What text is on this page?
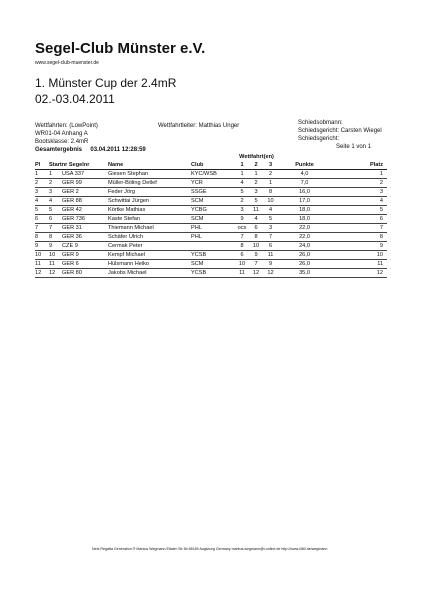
Segel-Club Münster e.V.
www.segel-club-muenster.de
1. Münster Cup der 2.4mR
02.-03.04.2011
Wettfahrten: (LowPoint)
WR01-04 Anhang A
Bootsklasse: 2.4mR
Gesamtergebnis 03.04.2011 12:28:59
Wettfahrtleiter: Matthias Unger	Schiedsobmann:
Schiedsgericht: Carsten Wiegel
Schiedsgericht:
Seite 1 von 1
					Wettfahrt(en)				
Pl	Startnr Segelnr		Name	Club	1	2	3	Punkte	Platz
1	1	USA 337	Giesen Stephan	KYC/WSB	1	1	2	4,0	1
2	2	GER 99	Müller-Böling Detlef	YCR	4	2	1	7,0	2
3	3	GER 2	Feder Jörg	SSGE	5	3	8	16,0	3
4	4	GER 88	Schwittai Jürgen	SCM	2	5	10	17,0	4
5	5	GER 42	Körtke Mathias	YCBG	3	11	4	18,0	5
6	6	GER 736	Kaste Stefan	SCM	9	4	5	18,0	6
7	7	GER 31	Thiemann Michael	PHL	ocs	6	3	22,0	7
8	8	GER 36	Schäfer Ulrich	PHL	7	8	7	22,0	8
9	9	CZE 9	Cermak Peter		8	10	6	24,0	9
10	10	GER 9	Kempf Michael	YCSB	6	9	11	26,0	10
11	11	GER 6	Hülsmann Heiko	SCM	10	7	9	26,0	11
12	12	GER 80	Jakobs Michael	YCSB	11	12	12	35,0	12
Next Regatta Generation ® Markus Wegmann Ettaler-Str 5b 85189 Augsburg Germany markus.wegmann@t-online.de http://www.i480.de/wegmann
